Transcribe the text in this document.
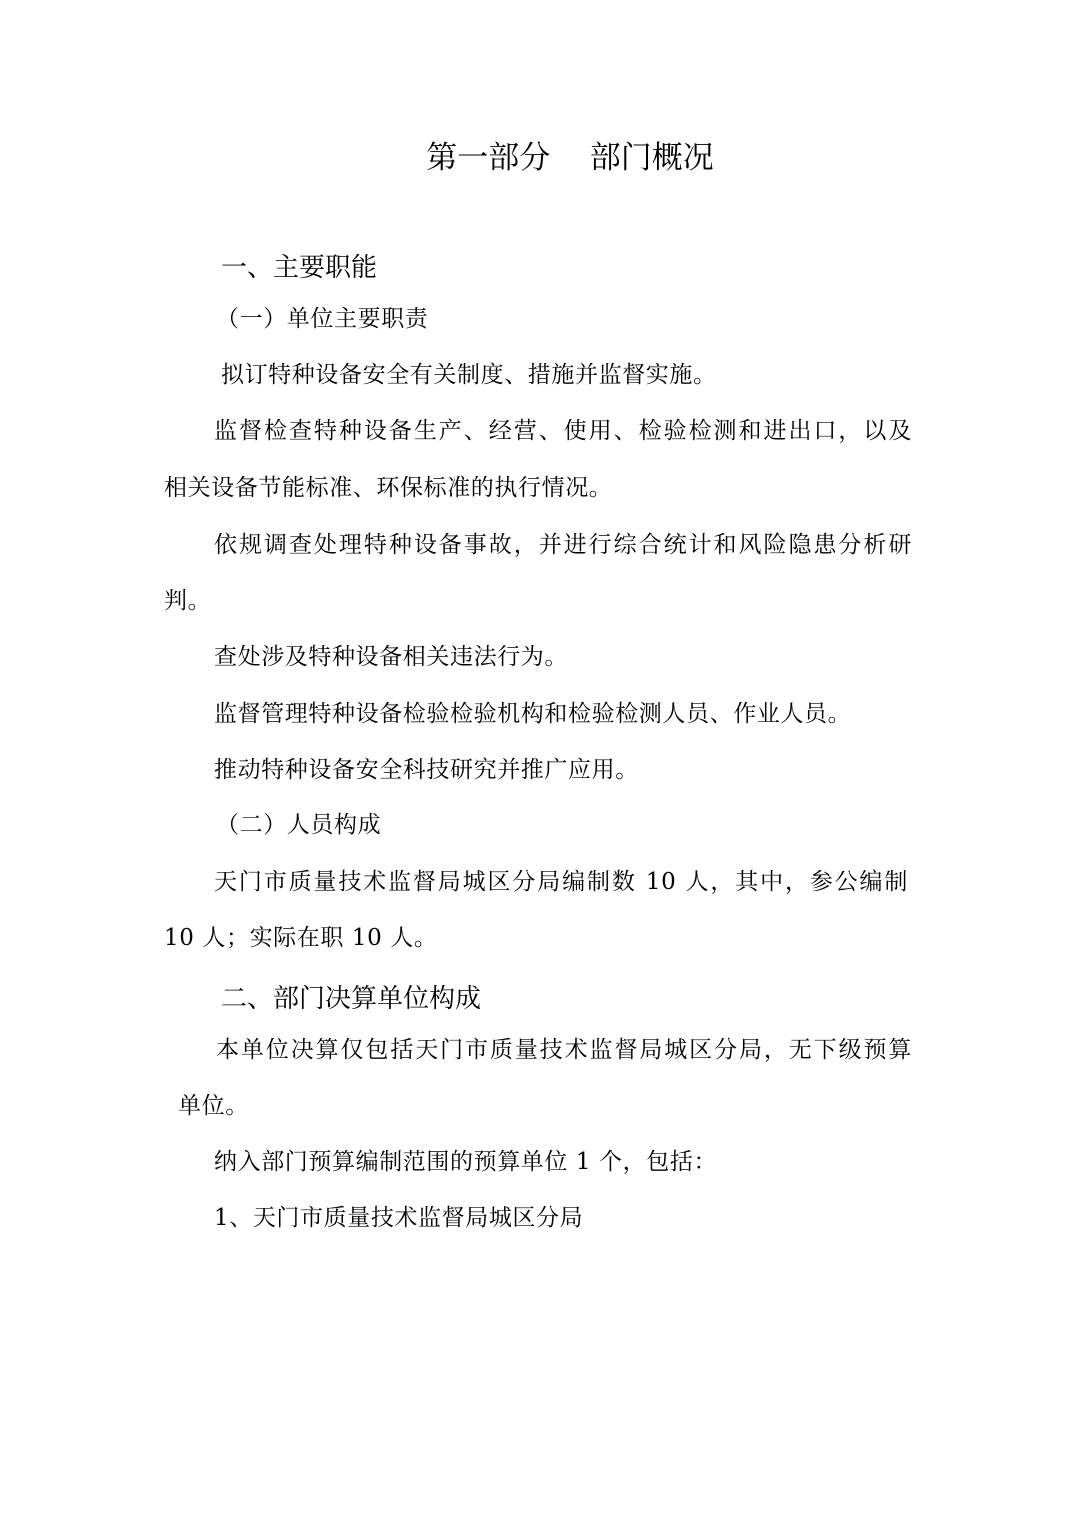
第一部分    部门概况
一、主要职能
（一）单位主要职责
拟订特种设备安全有关制度、措施并监督实施。
监督检查特种设备生产、经营、使用、检验检测和进出口，以及
相关设备节能标准、环保标准的执行情况。
依规调查处理特种设备事故，并进行综合统计和风险隐患分析研
判。
查处涉及特种设备相关违法行为。
监督管理特种设备检验检验机构和检验检测人员、作业人员。
推动特种设备安全科技研究并推广应用。
（二）人员构成
天门市质量技术监督局城区分局编制数 10 人，其中，参公编制
10 人；实际在职 10 人。
二、部门决算单位构成
本单位决算仅包括天门市质量技术监督局城区分局，无下级预算
单位。
纳入部门预算编制范围的预算单位 1 个，包括：
1、天门市质量技术监督局城区分局
